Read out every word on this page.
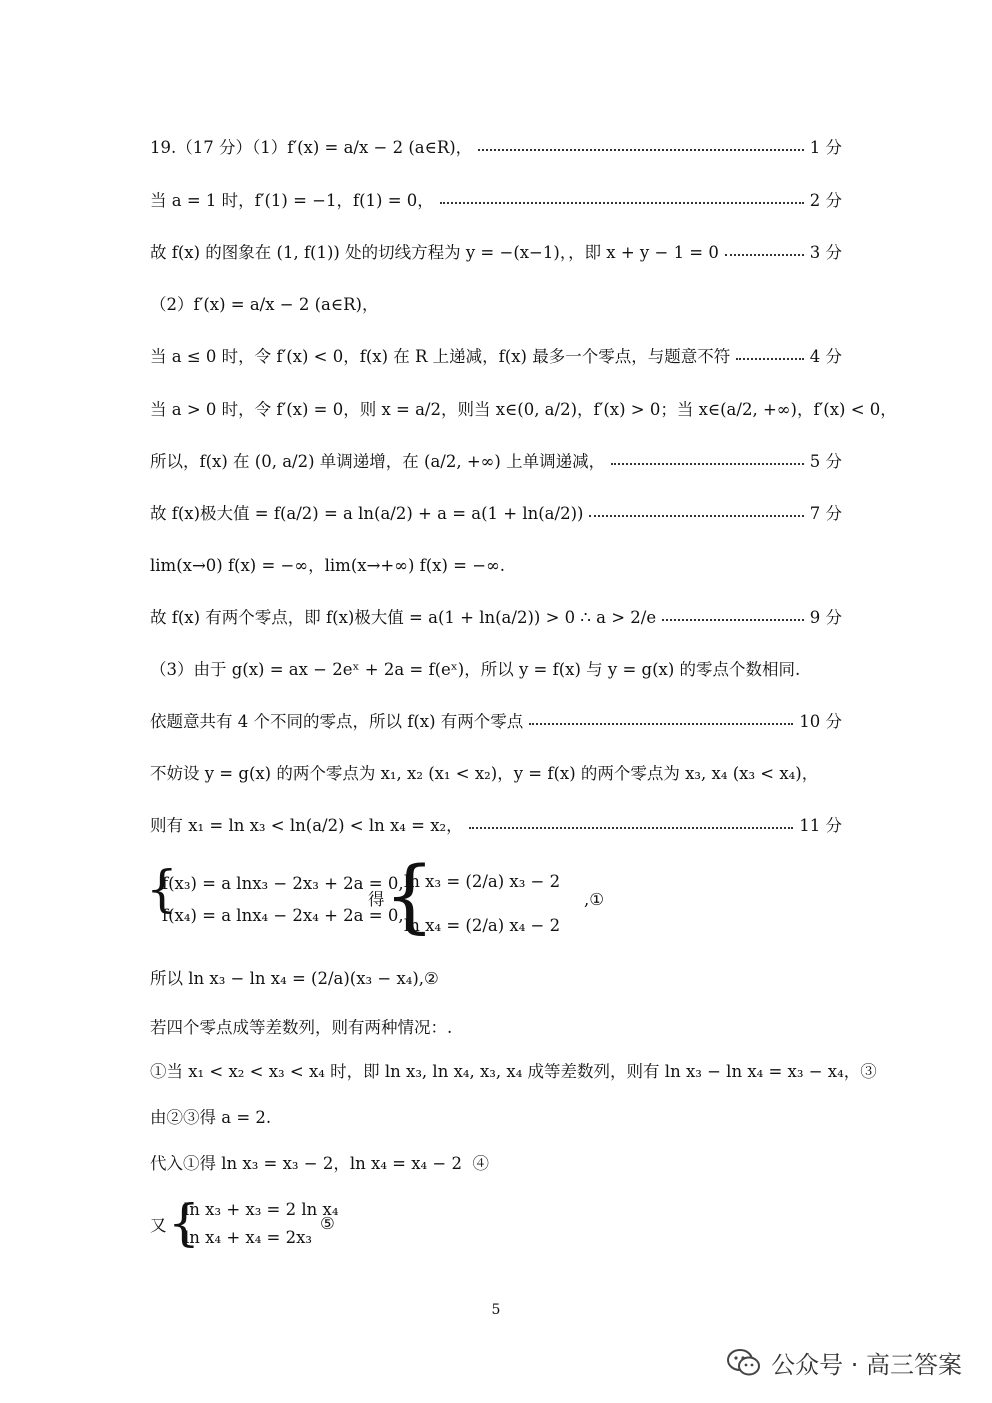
19.（17 分）（1）f′(x) = a/x − 2 (a∈R)，	1 分
当 a = 1 时，f′(1) = −1，f(1) = 0，	2 分
故 f(x) 的图象在 (1, f(1)) 处的切线方程为 y = −(x−1)，，即 x + y − 1 = 0	3 分
（2）f′(x) = a/x − 2 (a∈R)，
当 a ≤ 0 时，令 f′(x) < 0，f(x) 在 R 上递减，f(x) 最多一个零点，与题意不符	4 分
当 a > 0 时，令 f′(x) = 0，则 x = a/2，则当 x∈(0, a/2)，f′(x) > 0；当 x∈(a/2, +∞)，f′(x) < 0，
所以，f(x) 在 (0, a/2) 单调递增，在 (a/2, +∞) 上单调递减，	5 分
故 f(x)极大值 = f(a/2) = a ln(a/2) + a = a(1 + ln(a/2))	7 分
lim(x→0) f(x) = −∞，lim(x→+∞) f(x) = −∞.
故 f(x) 有两个零点，即 f(x)极大值 = a(1 + ln(a/2)) > 0 ∴ a > 2/e	9 分
（3）由于 g(x) = ax − 2eˣ + 2a = f(eˣ)，所以 y = f(x) 与 y = g(x) 的零点个数相同.
依题意共有 4 个不同的零点，所以 f(x) 有两个零点	10 分
不妨设 y = g(x) 的两个零点为 x₁, x₂ (x₁ < x₂)，y = f(x) 的两个零点为 x₃, x₄ (x₃ < x₄)，
则有 x₁ = ln x₃ < ln(a/2) < ln x₄ = x₂，	11 分
{
f(x₃) = a lnx₃ − 2x₃ + 2a = 0,
f(x₄) = a lnx₄ − 2x₄ + 2a = 0,
得 {
ln x₃ = (2/a) x₃ − 2
ln x₄ = (2/a) x₄ − 2
,①
所以 ln x₃ − ln x₄ = (2/a)(x₃ − x₄),②
若四个零点成等差数列，则有两种情况：.
①当 x₁ < x₂ < x₃ < x₄ 时，即 ln x₃, ln x₄, x₃, x₄ 成等差数列，则有 ln x₃ − ln x₄ = x₃ − x₄，③
由②③得 a = 2.
代入①得 ln x₃ = x₃ − 2，ln x₄ = x₄ − 2  ④
又 {
ln x₃ + x₃ = 2 ln x₄
ln x₄ + x₄ = 2x₃
⑤
5
公众号 · 高三答案
